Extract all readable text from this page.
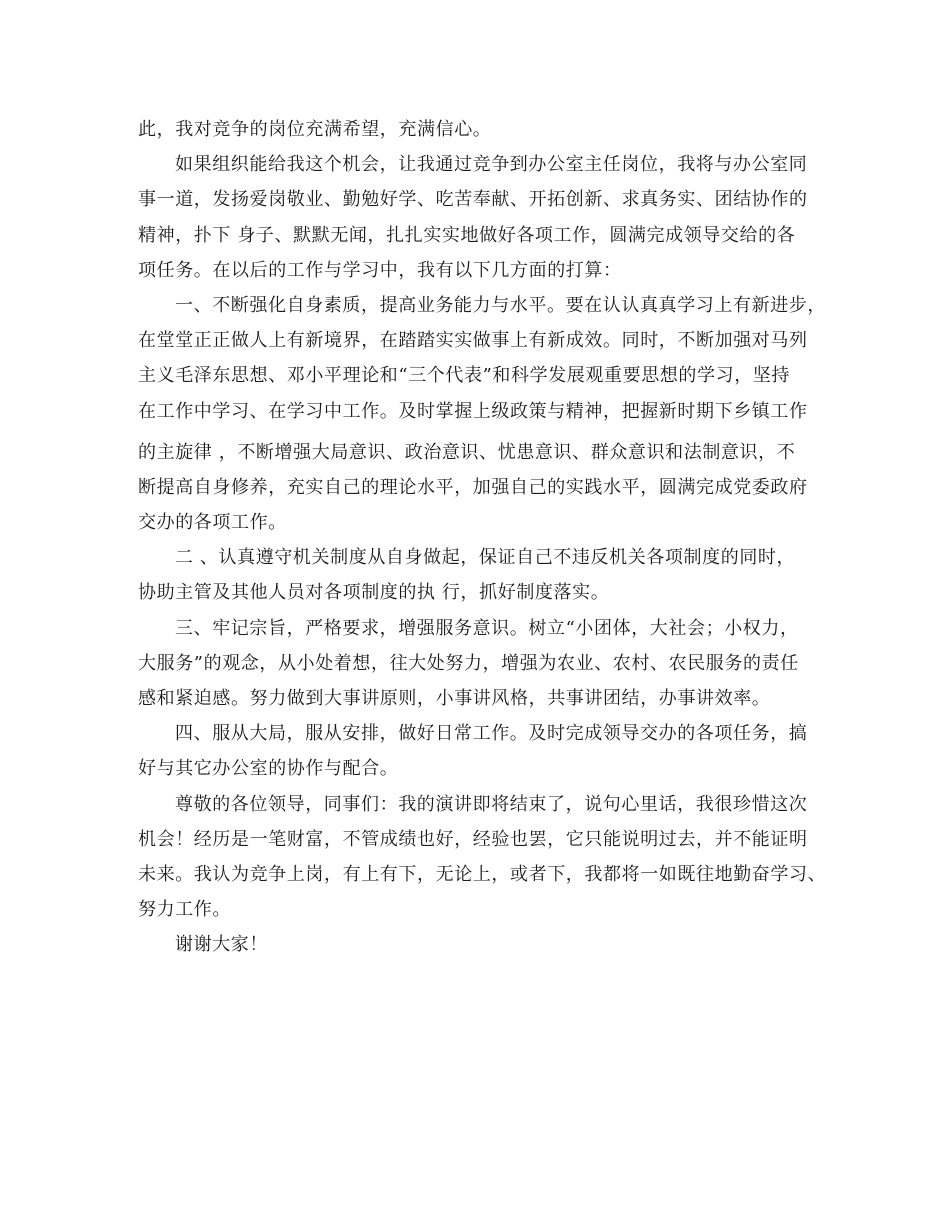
此，我对竞争的岗位充满希望，充满信心。
如果组织能给我这个机会，让我通过竞争到办公室主任岗位，我将与办公室同
事一道，发扬爱岗敬业、勤勉好学、吃苦奉献、开拓创新、求真务实、团结协作的
精神，扑下 身子、默默无闻，扎扎实实地做好各项工作，圆满完成领导交给的各
项任务。在以后的工作与学习中，我有以下几方面的打算：
一、不断强化自身素质，提高业务能力与水平。要在认认真真学习上有新进步，
在堂堂正正做人上有新境界，在踏踏实实做事上有新成效。同时，不断加强对马列
主义毛泽东思想、邓小平理论和“三个代表”和科学发展观重要思想的学习，坚持
在工作中学习、在学习中工作。及时掌握上级政策与精神，把握新时期下乡镇工作
的主旋律 ，不断增强大局意识、政治意识、忧患意识、群众意识和法制意识，不
断提高自身修养，充实自己的理论水平，加强自己的实践水平，圆满完成党委政府
交办的各项工作。
二 、认真遵守机关制度从自身做起，保证自己不违反机关各项制度的同时，
协助主管及其他人员对各项制度的执 行，抓好制度落实。
三、牢记宗旨，严格要求，增强服务意识。树立“小团体，大社会；小权力，
大服务”的观念，从小处着想，往大处努力，增强为农业、农村、农民服务的责任
感和紧迫感。努力做到大事讲原则，小事讲风格，共事讲团结，办事讲效率。
四、服从大局，服从安排，做好日常工作。及时完成领导交办的各项任务，搞
好与其它办公室的协作与配合。
尊敬的各位领导，同事们：我的演讲即将结束了，说句心里话，我很珍惜这次
机会！经历是一笔财富，不管成绩也好，经验也罢，它只能说明过去，并不能证明
未来。我认为竞争上岗，有上有下，无论上，或者下，我都将一如既往地勤奋学习、
努力工作。
谢谢大家！
